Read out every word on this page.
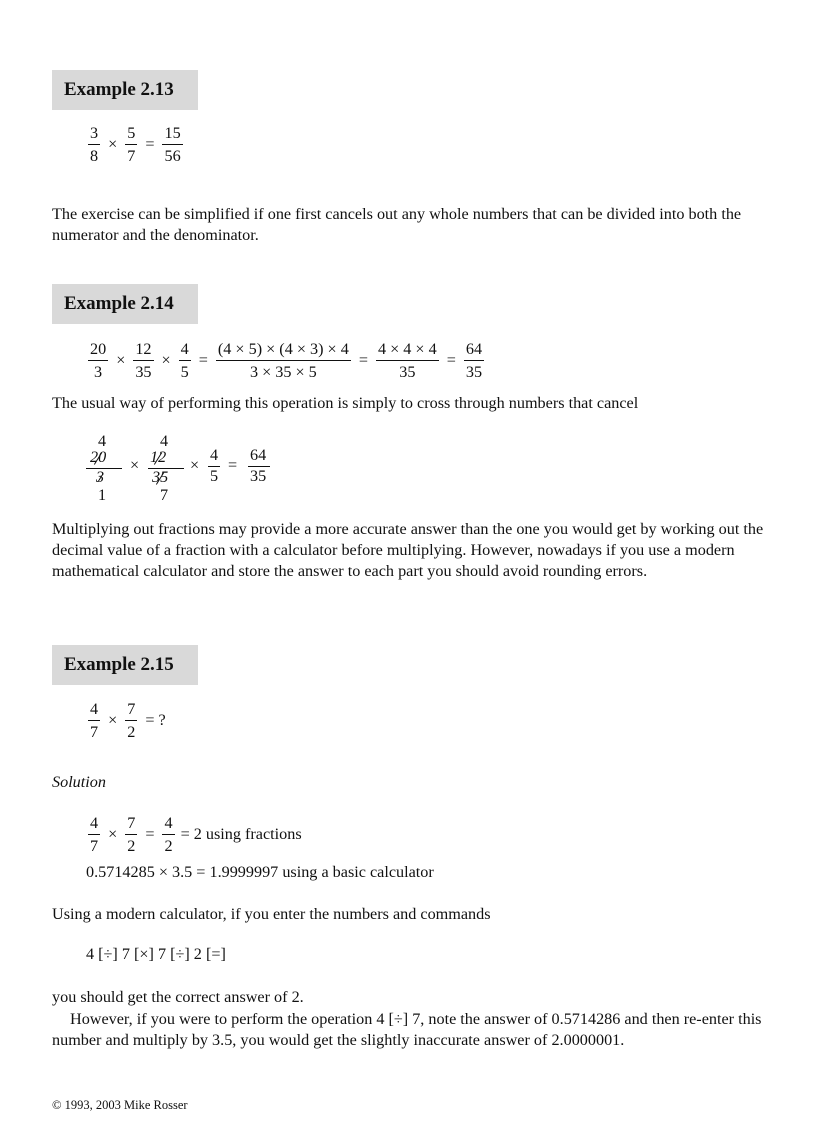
Example 2.13
$\frac{3}{8} \times \frac{5}{7} = \frac{15}{56}$

The exercise can be simplified if one first cancels out any whole numbers that can be divided into both the numerator and the denominator.

Example 2.14
$\frac{20}{3} \times \frac{12}{35} \times \frac{4}{5} = \frac{(4 \times 5) \times (4 \times 3) \times 4}{3 \times 35 \times 5} = \frac{4 \times 4 \times 4}{35} = \frac{64}{35}$

The usual way of performing this operation is simply to cross through numbers that cancel

4
20
3
1
×
4
12
35
7
×
4
5
=
64
35

Multiplying out fractions may provide a more accurate answer than the one you would get by working out the decimal value of a fraction with a calculator before multiplying. However, nowadays if you use a modern mathematical calculator and store the answer to each part you should avoid rounding errors.

Example 2.15
$\frac{4}{7} \times \frac{7}{2}$ = ?
Solution
$\frac{4}{7} \times \frac{7}{2} = \frac{4}{2} = 2$ using fractions
0.5714285 × 3.5 = 1.9999997 using a basic calculator

Using a modern calculator, if you enter the numbers and commands

4 [÷] 7 [×] 7 [÷] 2 [=]

you should get the correct answer of 2.

However, if you were to perform the operation 4 [÷] 7, note the answer of 0.5714286 and then re-enter this number and multiply by 3.5, you would get the slightly inaccurate answer of 2.0000001.

© 1993, 2003 Mike Rosser
